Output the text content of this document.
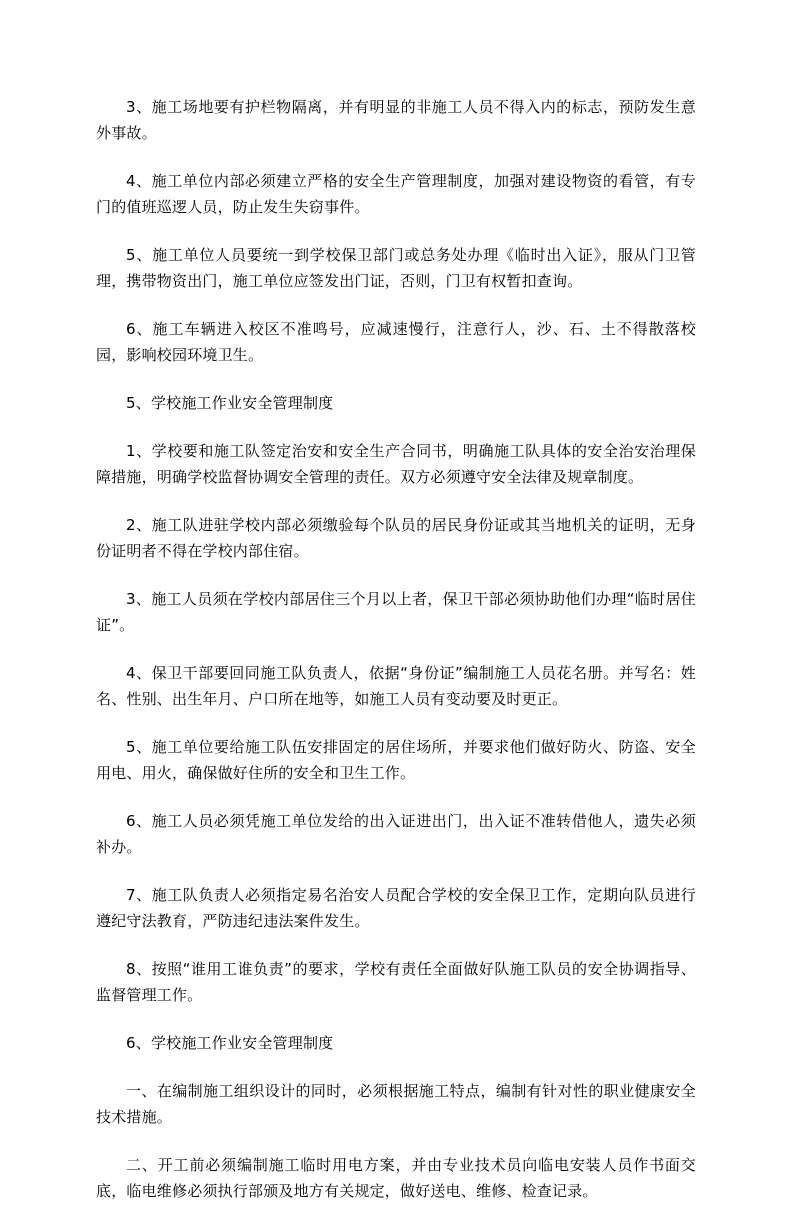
3、施工场地要有护栏物隔离，并有明显的非施工人员不得入内的标志，预防发生意外事故。

4、施工单位内部必须建立严格的安全生产管理制度，加强对建设物资的看管，有专门的值班巡逻人员，防止发生失窃事件。

5、施工单位人员要统一到学校保卫部门或总务处办理《临时出入证》，服从门卫管理，携带物资出门，施工单位应签发出门证，否则，门卫有权暂扣查询。

6、施工车辆进入校区不准鸣号，应减速慢行，注意行人，沙、石、土不得散落校园，影响校园环境卫生。

5、学校施工作业安全管理制度

1、学校要和施工队签定治安和安全生产合同书，明确施工队具体的安全治安治理保障措施，明确学校监督协调安全管理的责任。双方必须遵守安全法律及规章制度。

2、施工队进驻学校内部必须缴验每个队员的居民身份证或其当地机关的证明，无身份证明者不得在学校内部住宿。

3、施工人员须在学校内部居住三个月以上者，保卫干部必须协助他们办理“临时居住证”。

4、保卫干部要回同施工队负责人，依据“身份证”编制施工人员花名册。并写名：姓名、性别、出生年月、户口所在地等，如施工人员有变动要及时更正。

5、施工单位要给施工队伍安排固定的居住场所，并要求他们做好防火、防盗、安全用电、用火，确保做好住所的安全和卫生工作。

6、施工人员必须凭施工单位发给的出入证进出门，出入证不准转借他人，遗失必须补办。

7、施工队负责人必须指定易名治安人员配合学校的安全保卫工作，定期向队员进行遵纪守法教育，严防违纪违法案件发生。

8、按照“谁用工谁负责”的要求，学校有责任全面做好队施工队员的安全协调指导、监督管理工作。

6、学校施工作业安全管理制度

一、在编制施工组织设计的同时，必须根据施工特点，编制有针对性的职业健康安全技术措施。

二、开工前必须编制施工临时用电方案，并由专业技术员向临电安装人员作书面交底，临电维修必须执行部颁及地方有关规定，做好送电、维修、检查记录。
